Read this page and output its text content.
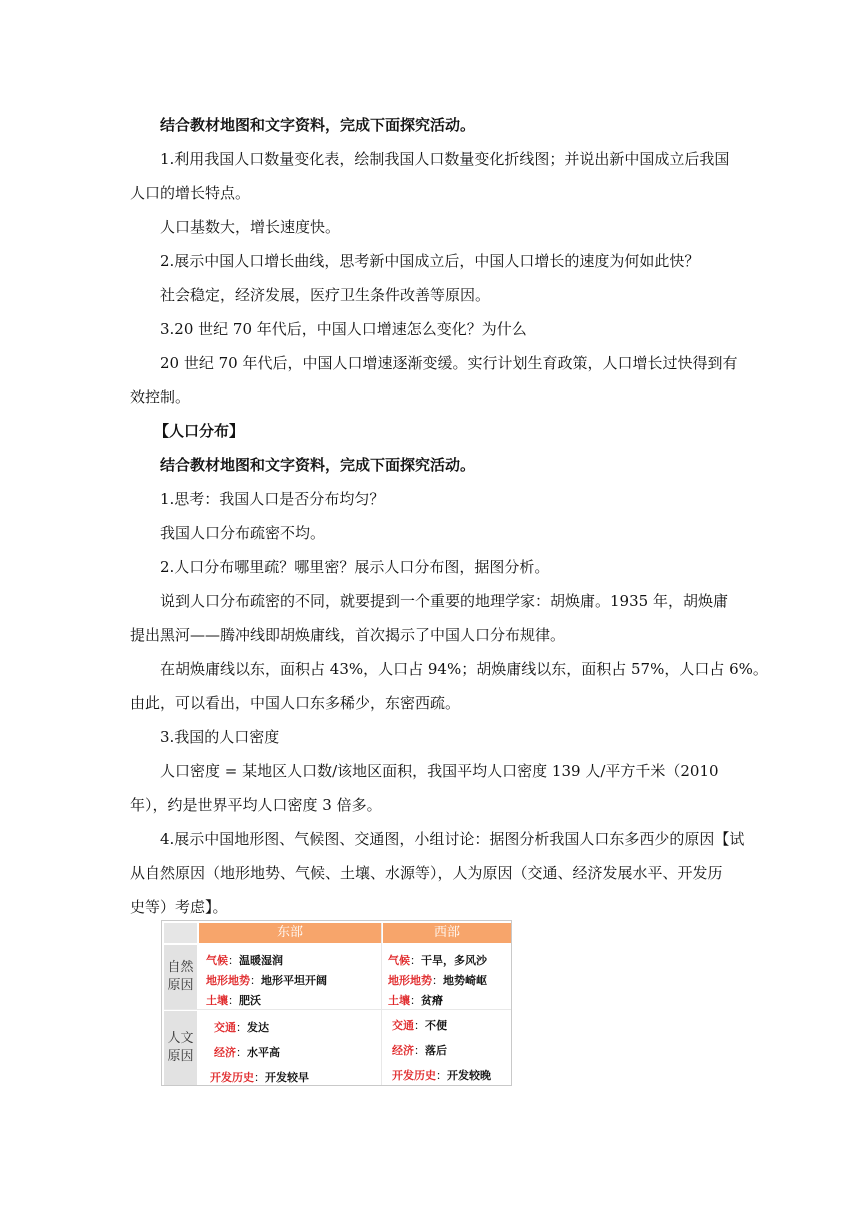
结合教材地图和文字资料，完成下面探究活动。

1.利用我国人口数量变化表，绘制我国人口数量变化折线图；并说出新中国成立后我国

人口的增长特点。

人口基数大，增长速度快。

2.展示中国人口增长曲线，思考新中国成立后，中国人口增长的速度为何如此快？

社会稳定，经济发展，医疗卫生条件改善等原因。

3.20 世纪 70 年代后，中国人口增速怎么变化？为什么

20 世纪 70 年代后，中国人口增速逐渐变缓。实行计划生育政策，人口增长过快得到有

效控制。

【人口分布】

结合教材地图和文字资料，完成下面探究活动。

1.思考：我国人口是否分布均匀？

我国人口分布疏密不均。

2.人口分布哪里疏？哪里密？展示人口分布图，据图分析。

说到人口分布疏密的不同，就要提到一个重要的地理学家：胡焕庸。1935 年，胡焕庸

提出黑河——腾冲线即胡焕庸线，首次揭示了中国人口分布规律。

在胡焕庸线以东，面积占 43%，人口占 94%；胡焕庸线以东，面积占 57%，人口占 6%。

由此，可以看出，中国人口东多稀少，东密西疏。

3.我国的人口密度

人口密度 = 某地区人口数/该地区面积，我国平均人口密度 139 人/平方千米（2010

年），约是世界平均人口密度 3 倍多。

4.展示中国地形图、气候图、交通图，小组讨论：据图分析我国人口东多西少的原因【试

从自然原因（地形地势、气候、土壤、水源等），人为原因（交通、经济发展水平、开发历

史等）考虑】。

东部	西部
自然
原因
人文
原因
气候：温暖湿润
地形地势：地形平坦开阔
土壤：肥沃
气候：干旱，多风沙
地形地势：地势崎岖
土壤：贫瘠
交通：发达
经济：水平高
开发历史：开发较早
交通：不便
经济：落后
开发历史：开发较晚
